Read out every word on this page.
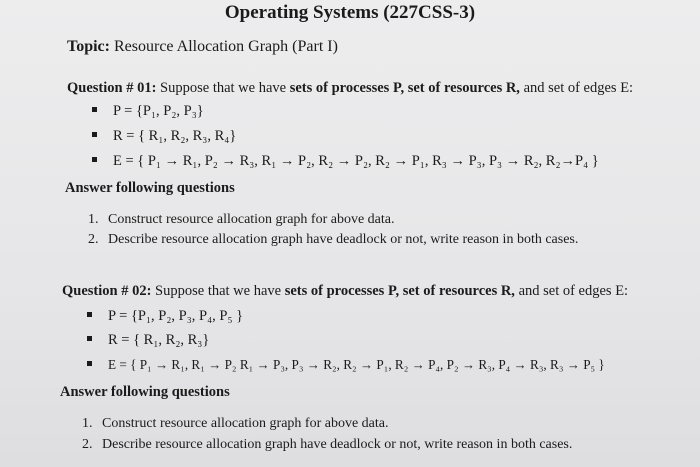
Operating Systems (227CSS-3)
Topic: Resource Allocation Graph (Part I)
Question # 01: Suppose that we have sets of processes P, set of resources R, and set of edges E:
P = {P₁, P₂, P₃}
R = { R₁, R₂, R₃, R₄}
E = { P₁ → R₁, P₂ → R₃, R₁ → P₂, R₂ → P₂, R₂ → P₁, R₃ → P₃, P₃ → R₂, R₂→P₄ }
Answer following questions
1. Construct resource allocation graph for above data.
2. Describe resource allocation graph have deadlock or not, write reason in both cases.
Question # 02: Suppose that we have sets of processes P, set of resources R, and set of edges E:
P = {P₁, P₂, P₃, P₄, P₅ }
R = { R₁, R₂, R₃}
E = { P₁ → R₁, R₁ → P₂ R₁ → P₃, P₃ → R₂, R₂ → P₁, R₂ → P₄, P₂ → R₃, P₄ → R₃, R₃ → P₅ }
Answer following questions
1. Construct resource allocation graph for above data.
2. Describe resource allocation graph have deadlock or not, write reason in both cases.
